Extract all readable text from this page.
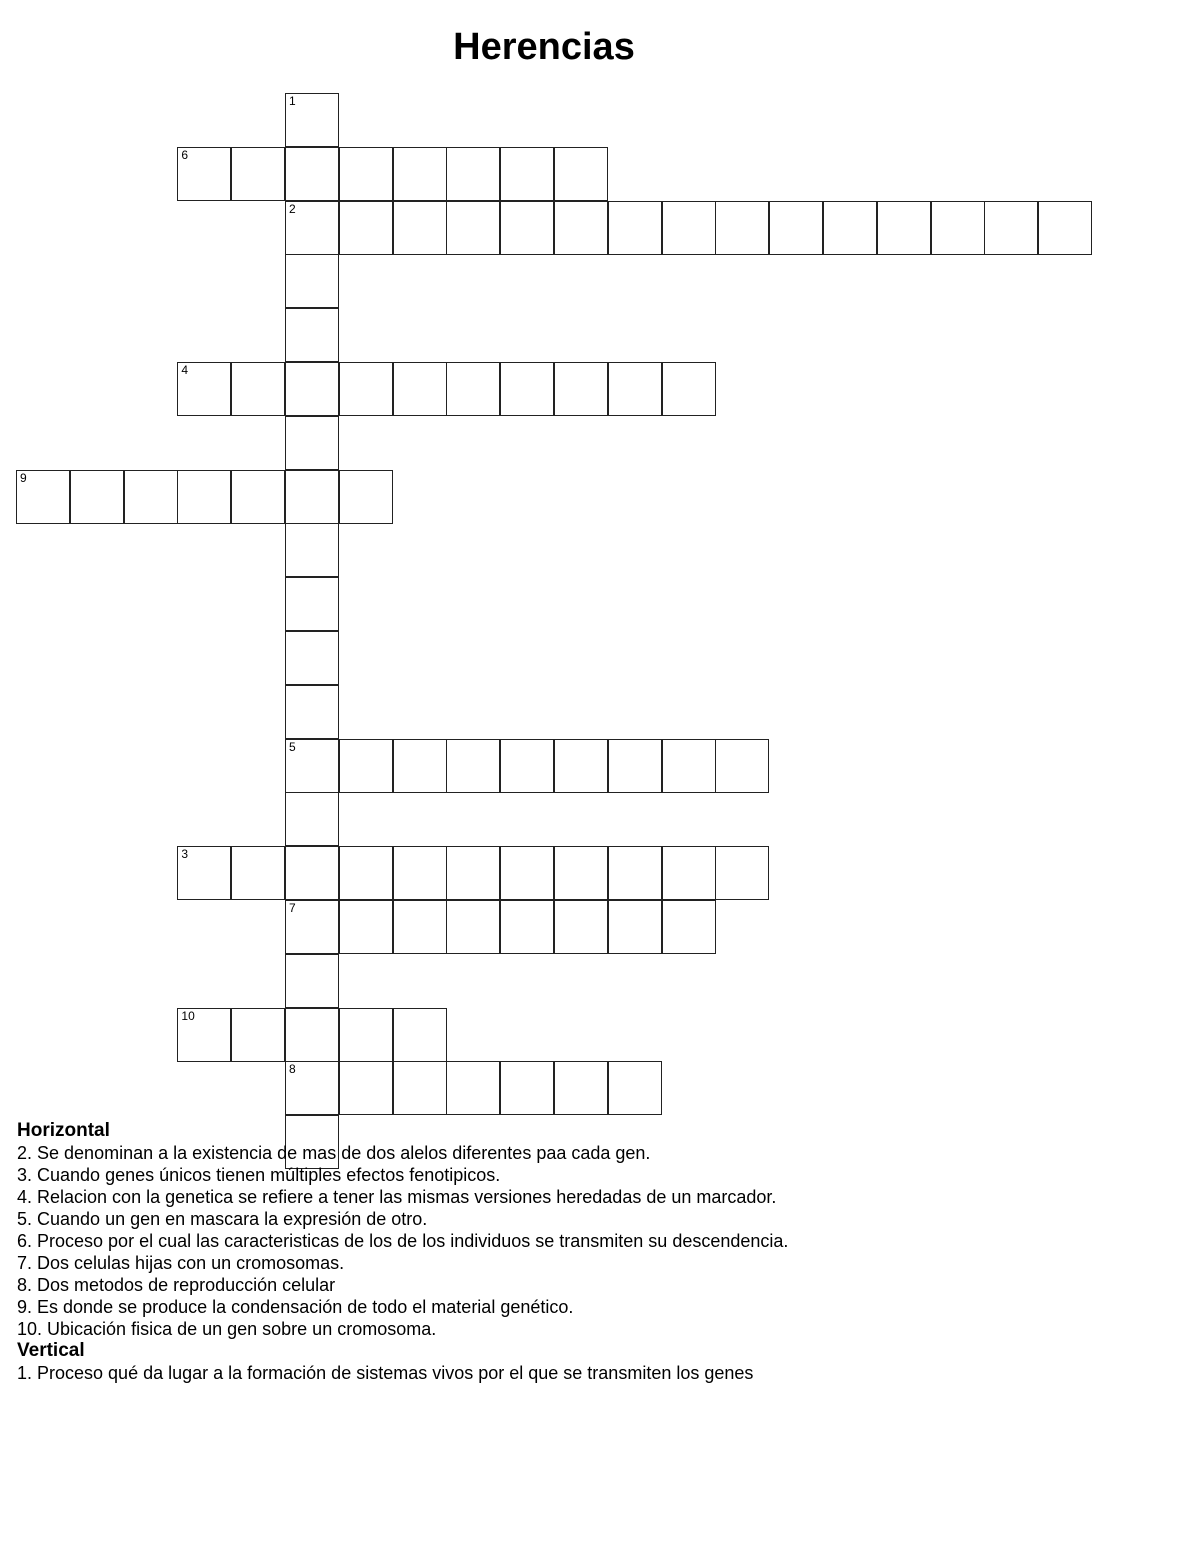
Herencias
1
2
5
7
8
6
4
9
3
10
Horizontal
2. Se denominan a la existencia de mas de dos alelos diferentes paa cada gen.
3. Cuando genes únicos tienen múltiples efectos fenotipicos.
4. Relacion con la genetica se refiere a tener las mismas versiones heredadas de un marcador.
5. Cuando un gen en mascara la expresión de otro.
6. Proceso por el cual las caracteristicas de los de los individuos se transmiten su descendencia.
7. Dos celulas hijas con un cromosomas.
8. Dos metodos de reproducción celular
9. Es donde se produce la condensación de todo el material genético.
10. Ubicación fisica de un gen sobre un cromosoma.
Vertical
1. Proceso qué da lugar a la formación de sistemas vivos por el que se transmiten los genes
